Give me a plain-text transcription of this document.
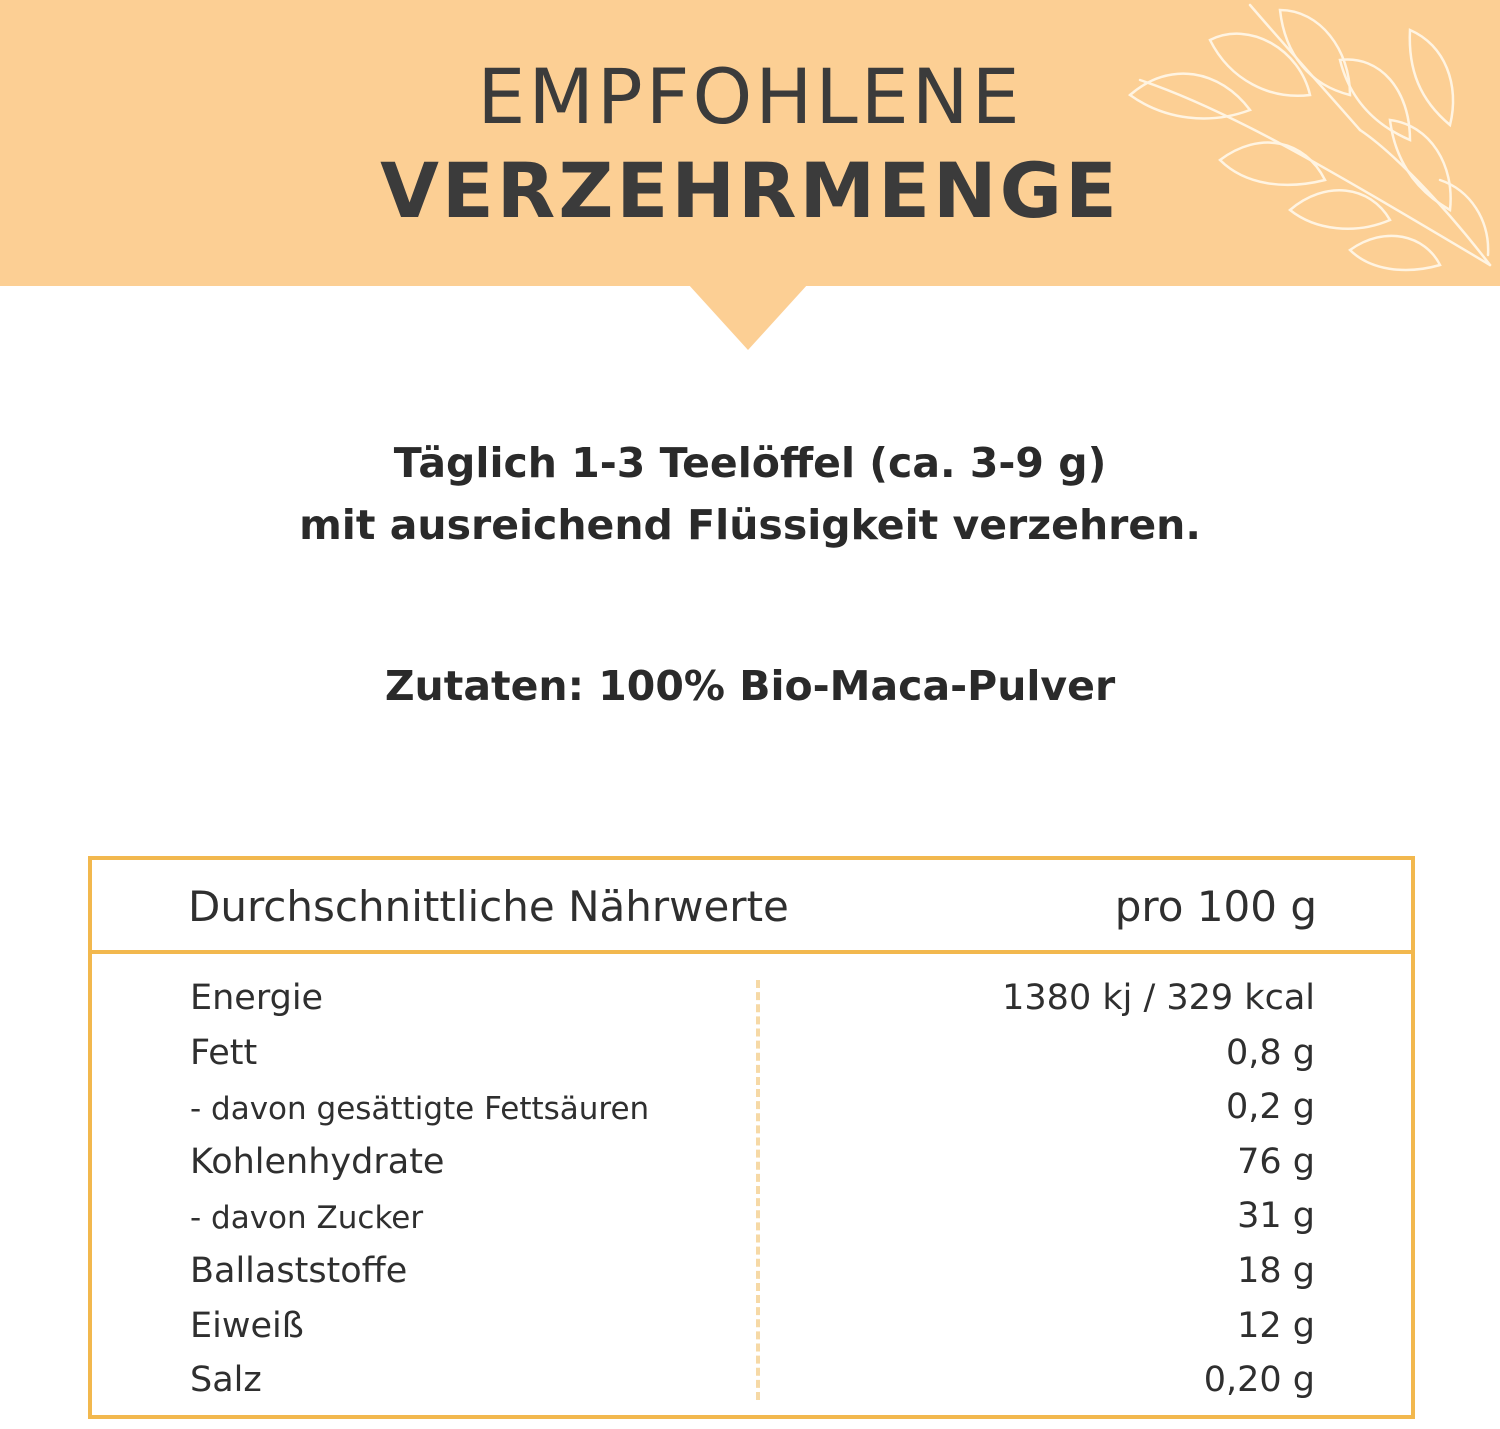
EMPFOHLENE
VERZEHRMENGE
Täglich 1-3 Teelöffel (ca. 3-9 g)
mit ausreichend Flüssigkeit verzehren.
Zutaten: 100% Bio-Maca-Pulver
Durchschnittliche Nährwerte	pro 100 g
Energie	1380 kj / 329 kcal
Fett	0,8 g
- davon gesättigte Fettsäuren	0,2 g
Kohlenhydrate	76 g
- davon Zucker	31 g
Ballaststoffe	18 g
Eiweiß	12 g
Salz	0,20 g
